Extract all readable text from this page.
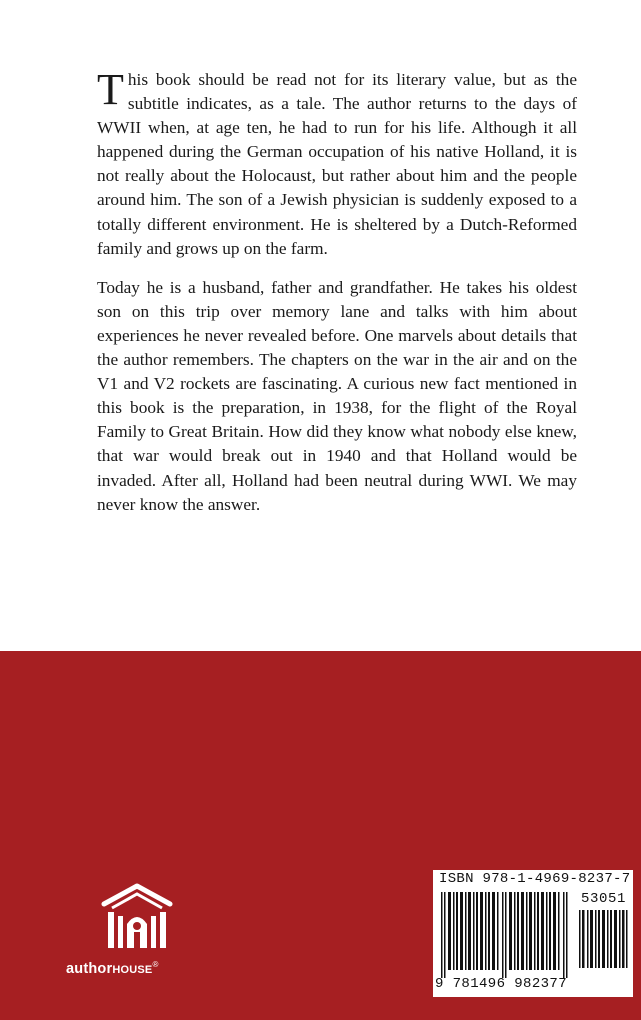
This book should be read not for its literary value, but as the subtitle indicates, as a tale. The author returns to the days of WWII when, at age ten, he had to run for his life. Although it all happened during the German occupation of his native Holland, it is not really about the Holocaust, but rather about him and the people around him. The son of a Jewish physician is suddenly exposed to a totally different environment. He is sheltered by a Dutch-Reformed family and grows up on the farm.

Today he is a husband, father and grandfather. He takes his oldest son on this trip over memory lane and talks with him about experiences he never revealed before. One marvels about details that the author remembers. The chapters on the war in the air and on the V1 and V2 rockets are fascinating. A curious new fact mentioned in this book is the preparation, in 1938, for the flight of the Royal Family to Great Britain. How did they know what nobody else knew, that war would break out in 1940 and that Holland would be invaded. After all, Holland had been neutral during WWI. We may never know the answer.

authorHOUSE®
ISBN 978-1-4969-8237-7
53051
9 781496 982377
